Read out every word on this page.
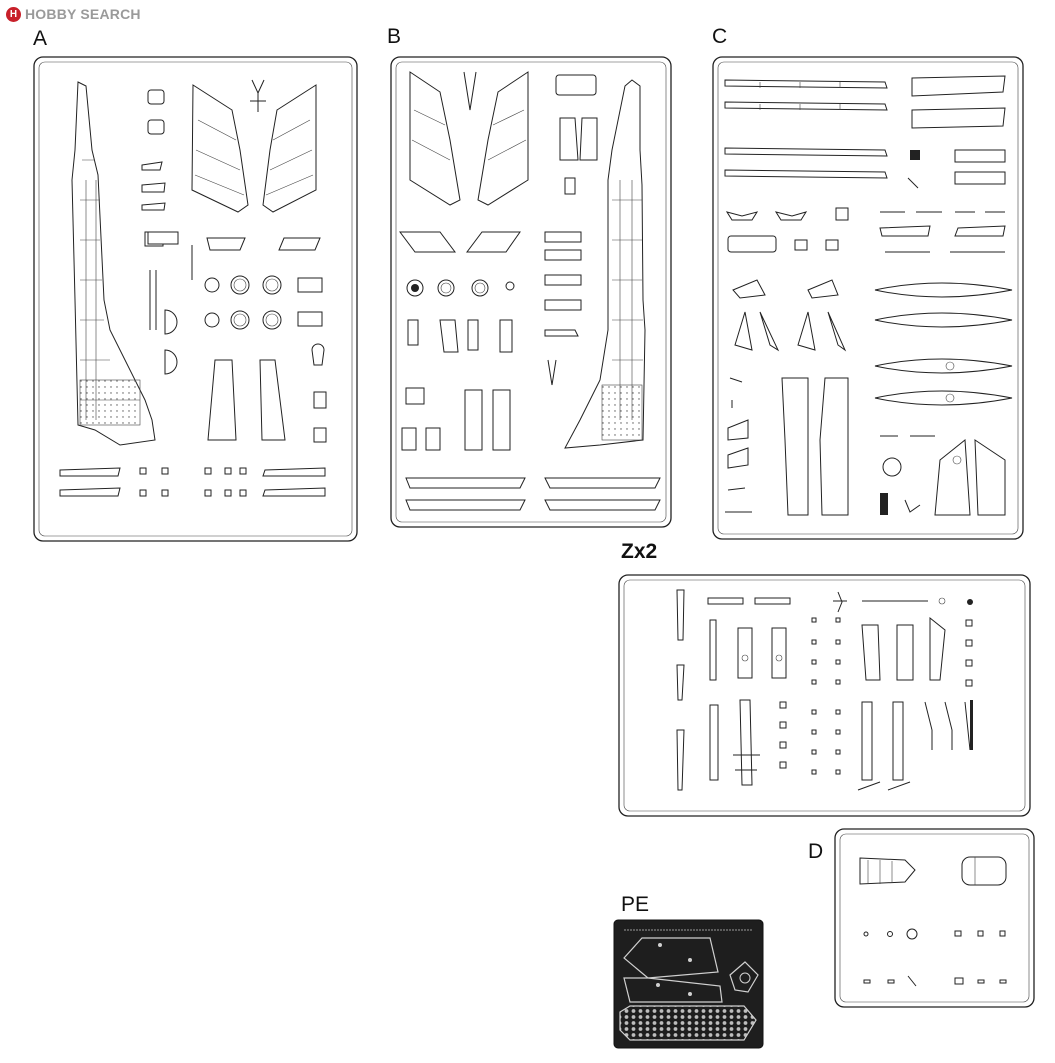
H HOBBY SEARCH
A	B	C
Zx2
D
PE
